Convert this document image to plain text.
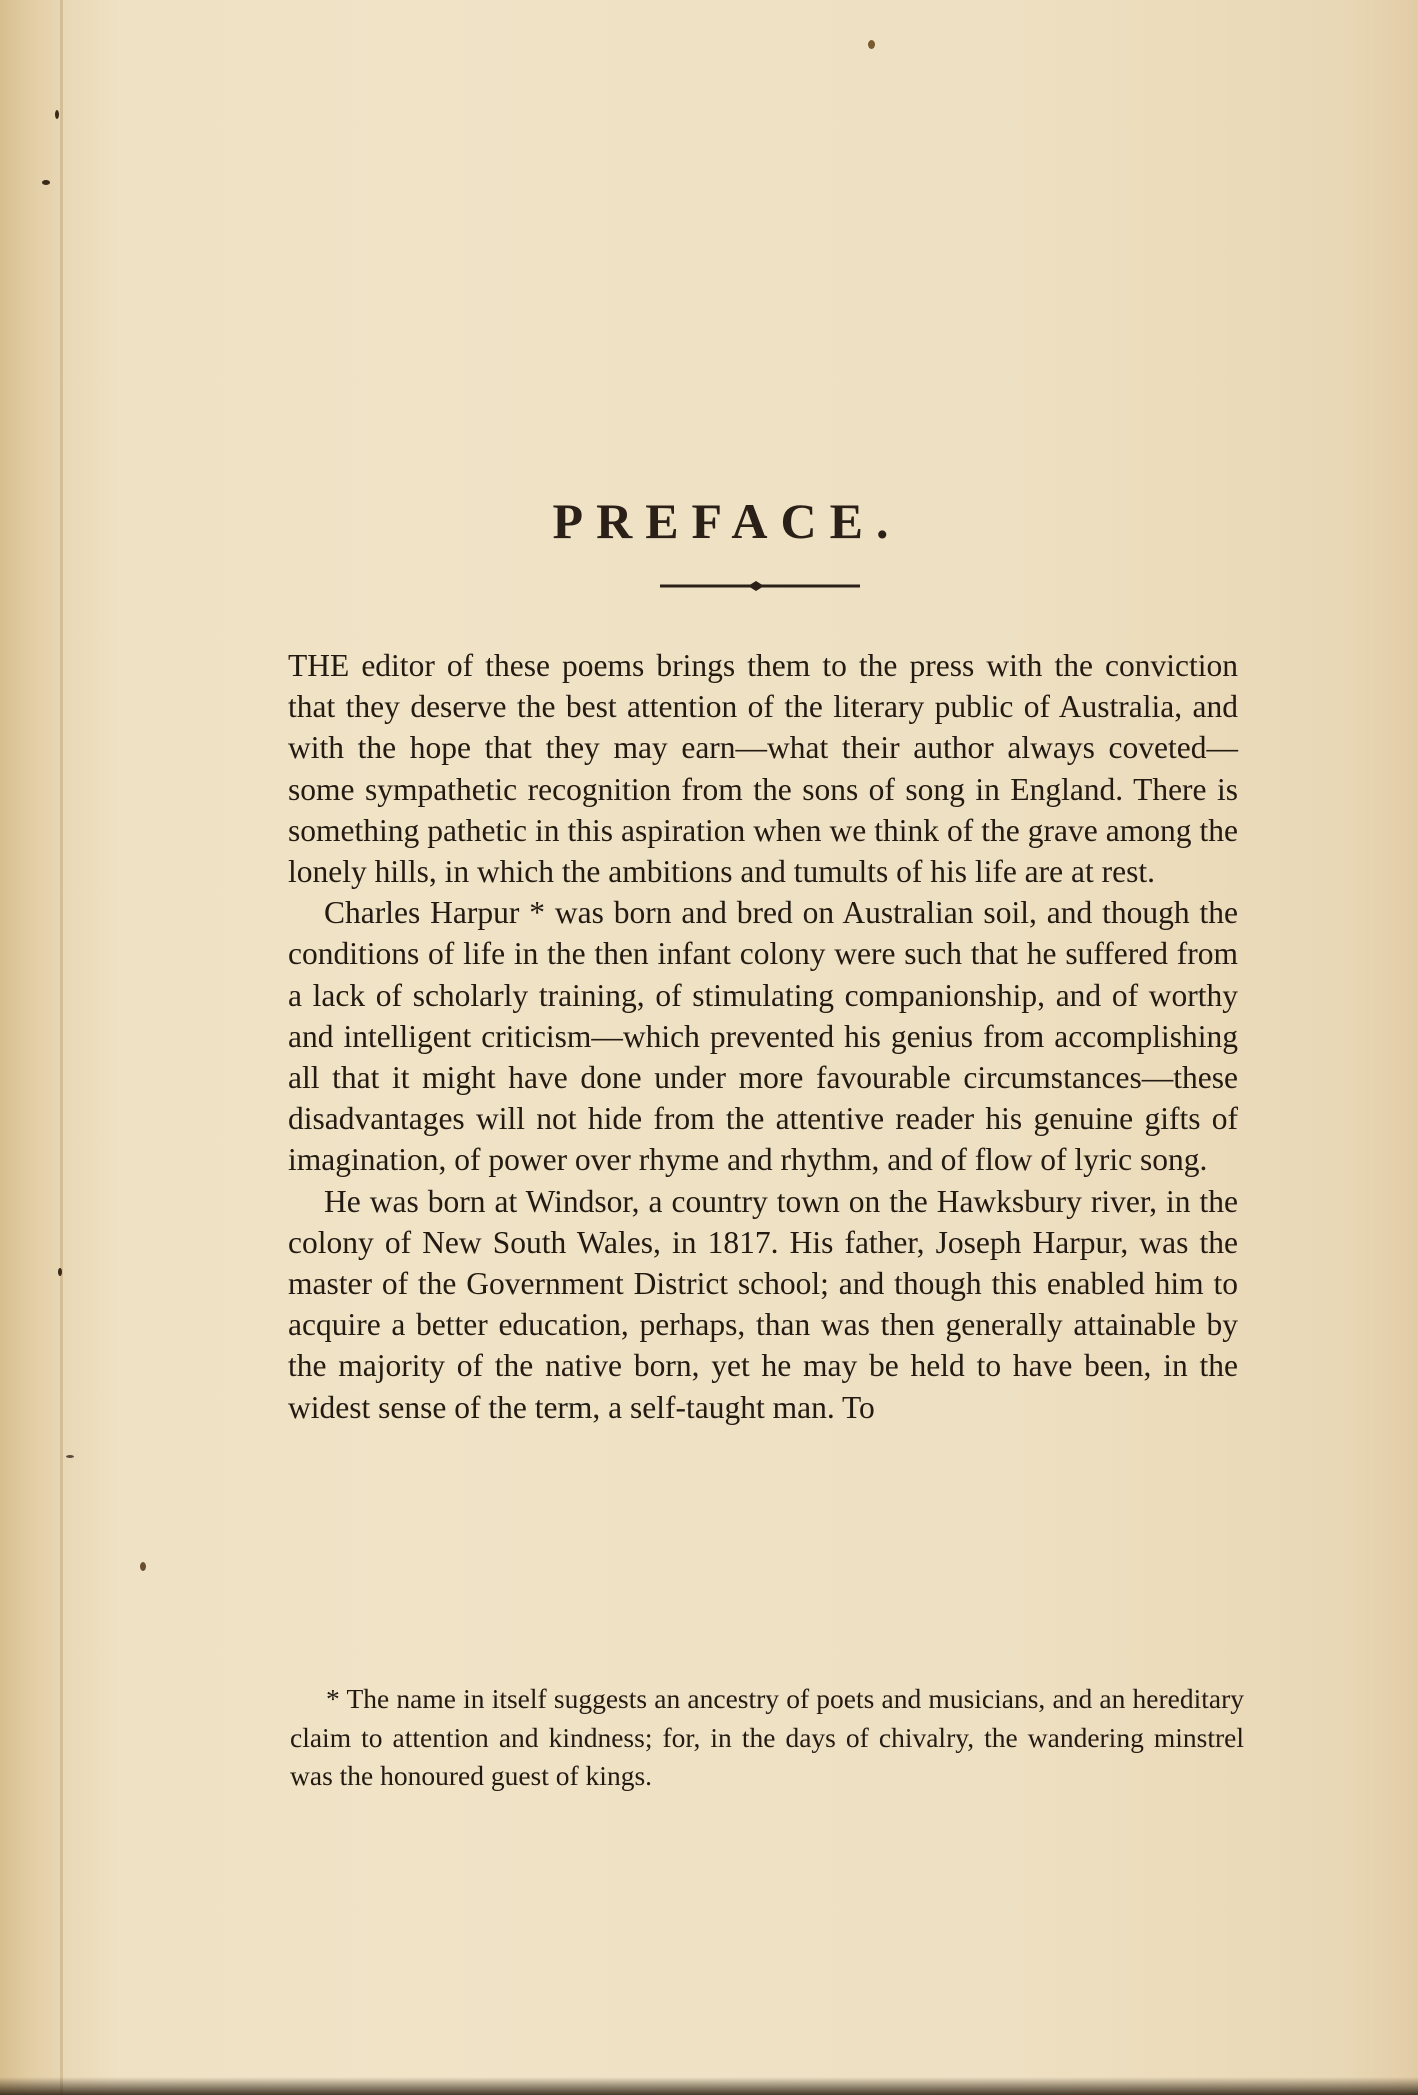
PREFACE.

THE editor of these poems brings them to the press with the conviction that they deserve the best attention of the literary public of Australia, and with the hope that they may earn—what their author always coveted—some sympathetic recognition from the sons of song in England. There is something pathetic in this aspiration when we think of the grave among the lonely hills, in which the ambitions and tumults of his life are at rest.

Charles Harpur * was born and bred on Australian soil, and though the conditions of life in the then infant colony were such that he suffered from a lack of scholarly training, of stimulating companionship, and of worthy and intelligent criticism—which prevented his genius from accomplishing all that it might have done under more favourable circumstances—these disadvantages will not hide from the attentive reader his genuine gifts of imagination, of power over rhyme and rhythm, and of flow of lyric song.

He was born at Windsor, a country town on the Hawksbury river, in the colony of New South Wales, in 1817. His father, Joseph Harpur, was the master of the Government District school; and though this enabled him to acquire a better education, perhaps, than was then generally attainable by the majority of the native born, yet he may be held to have been, in the widest sense of the term, a self-taught man. To

* The name in itself suggests an ancestry of poets and musicians, and an hereditary claim to attention and kindness; for, in the days of chivalry, the wandering minstrel was the honoured guest of kings.
